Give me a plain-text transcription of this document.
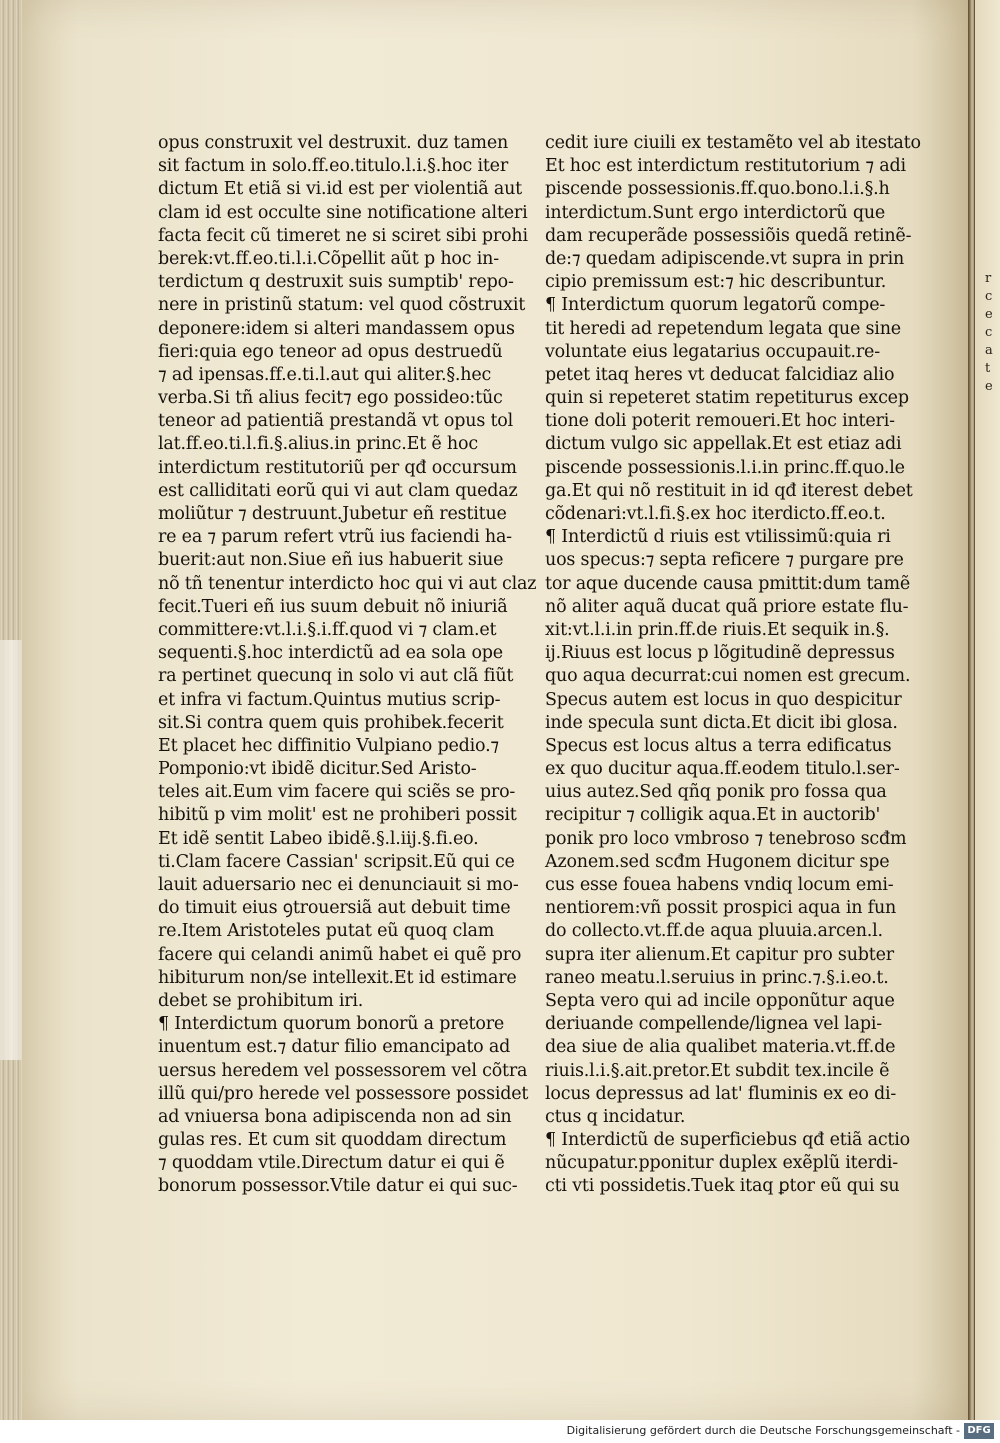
r
c
e
c
a
t
e
opus construxit vel destruxit. duz tamen
sit factum in solo.ff.eo.titulo.l.i.§.hoc iter
dictum Et etiã si vi.id est per violentiã aut
clam id est occulte sine notificatione alteri
facta fecit cũ timeret ne si sciret sibi prohi
berek:vt.ff.eo.ti.l.i.Cõpellit aũt p hoc in-
terdictum q destruxit suis sumptib' repo-
nere in pristinũ statum: vel quod cõstruxit
deponere:idem si alteri mandassem opus
fieri:quia ego teneor ad opus destruedũ
⁊ ad ipensas.ff.e.ti.l.aut qui aliter.§.hec
verba.Si tñ alius fecit⁊ ego possideo:tũc
teneor ad patientiã prestandã vt opus tol
lat.ff.eo.ti.l.fi.§.alius.in princ.Et ẽ hoc
interdictum restitutoriũ per qđ occursum
est calliditati eorũ qui vi aut clam quedaz
moliũtur ⁊ destruunt.Jubetur eñ restitue
re ea ⁊ parum refert vtrũ ius faciendi ha-
buerit:aut non.Siue eñ ius habuerit siue
nõ tñ tenentur interdicto hoc qui vi aut claz
fecit.Tueri eñ ius suum debuit nõ iniuriã
committere:vt.l.i.§.i.ff.quod vi ⁊ clam.et
sequenti.§.hoc interdictũ ad ea sola ope
ra pertinet quecunq in solo vi aut clã fiũt
et infra vi factum.Quintus mutius scrip-
sit.Si contra quem quis prohibek.fecerit
Et placet hec diffinitio Vulpiano pedio.⁊
Pomponio:vt ibidẽ dicitur.Sed Aristo-
teles ait.Eum vim facere qui sciẽs se pro-
hibitũ p vim molit' est ne prohiberi possit
Et idẽ sentit Labeo ibidẽ.§.l.iij.§.fi.eo.
ti.Clam facere Cassian' scripsit.Eũ qui ce
lauit aduersario nec ei denunciauit si mo-
do timuit eius ꝯtrouersiã aut debuit time
re.Item Aristoteles putat eũ quoq clam
facere qui celandi animũ habet ei quẽ pro
hibiturum non/se intellexit.Et id estimare
debet se prohibitum iri.
¶ Interdictum quorum bonorũ a pretore
inuentum est.⁊ datur filio emancipato ad
uersus heredem vel possessorem vel cõtra
illũ qui/pro herede vel possessore possidet
ad vniuersa bona adipiscenda non ad sin
gulas res. Et cum sit quoddam directum
⁊ quoddam vtile.Directum datur ei qui ẽ
bonorum possessor.Vtile datur ei qui suc-
cedit iure ciuili ex testamẽto vel ab itestato
Et hoc est interdictum restitutorium ⁊ adi
piscende possessionis.ff.quo.bono.l.i.§.h
interdictum.Sunt ergo interdictorũ que
dam recuperãde possessiõis quedã retinẽ-
de:⁊ quedam adipiscende.vt supra in prin
cipio premissum est:⁊ hic describuntur.
¶ Interdictum quorum legatorũ compe-
tit heredi ad repetendum legata que sine
voluntate eius legatarius occupauit.re-
petet itaq heres vt deducat falcidiaz alio
quin si repeteret statim repetiturus excep
tione doli poterit remoueri.Et hoc interi-
dictum vulgo sic appellak.Et est etiaz adi
piscende possessionis.l.i.in princ.ff.quo.le
ga.Et qui nõ restituit in id qđ iterest debet
cõdenari:vt.l.fi.§.ex hoc iterdicto.ff.eo.t.
¶ Interdictũ d riuis est vtilissimũ:quia ri
uos specus:⁊ septa reficere ⁊ purgare pre
tor aque ducende causa pmittit:dum tamẽ
nõ aliter aquã ducat quã priore estate flu-
xit:vt.l.i.in prin.ff.de riuis.Et sequik in.§.
ij.Riuus est locus p lõgitudinẽ depressus
quo aqua decurrat:cui nomen est grecum.
Specus autem est locus in quo despicitur
inde specula sunt dicta.Et dicit ibi glosa.
Specus est locus altus a terra edificatus
ex quo ducitur aqua.ff.eodem titulo.l.ser-
uius autez.Sed qñq ponik pro fossa qua
recipitur ⁊ colligik aqua.Et in auctorib'
ponik pro loco vmbroso ⁊ tenebroso scđm
Azonem.sed scđm Hugonem dicitur spe
cus esse fouea habens vndiq locum emi-
nentiorem:vñ possit prospici aqua in fun
do collecto.vt.ff.de aqua pluuia.arcen.l.
supra iter alienum.Et capitur pro subter
raneo meatu.l.seruius in princ.⁊.§.i.eo.t.
Septa vero qui ad incile opponũtur aque
deriuande compellende/lignea vel lapi-
dea siue de alia qualibet materia.vt.ff.de
riuis.l.i.§.ait.pretor.Et subdit tex.incile ẽ
locus depressus ad lat' fluminis ex eo di-
ctus q incidatur.
¶ Interdictũ de superficiebus qđ etiã actio
nũcupatur.pponitur duplex exẽplũ iterdi-
cti vti possidetis.Tuek itaq ꝑtor eũ qui su
Digitalisierung gefördert durch die Deutsche Forschungsgemeinschaft - DFG
